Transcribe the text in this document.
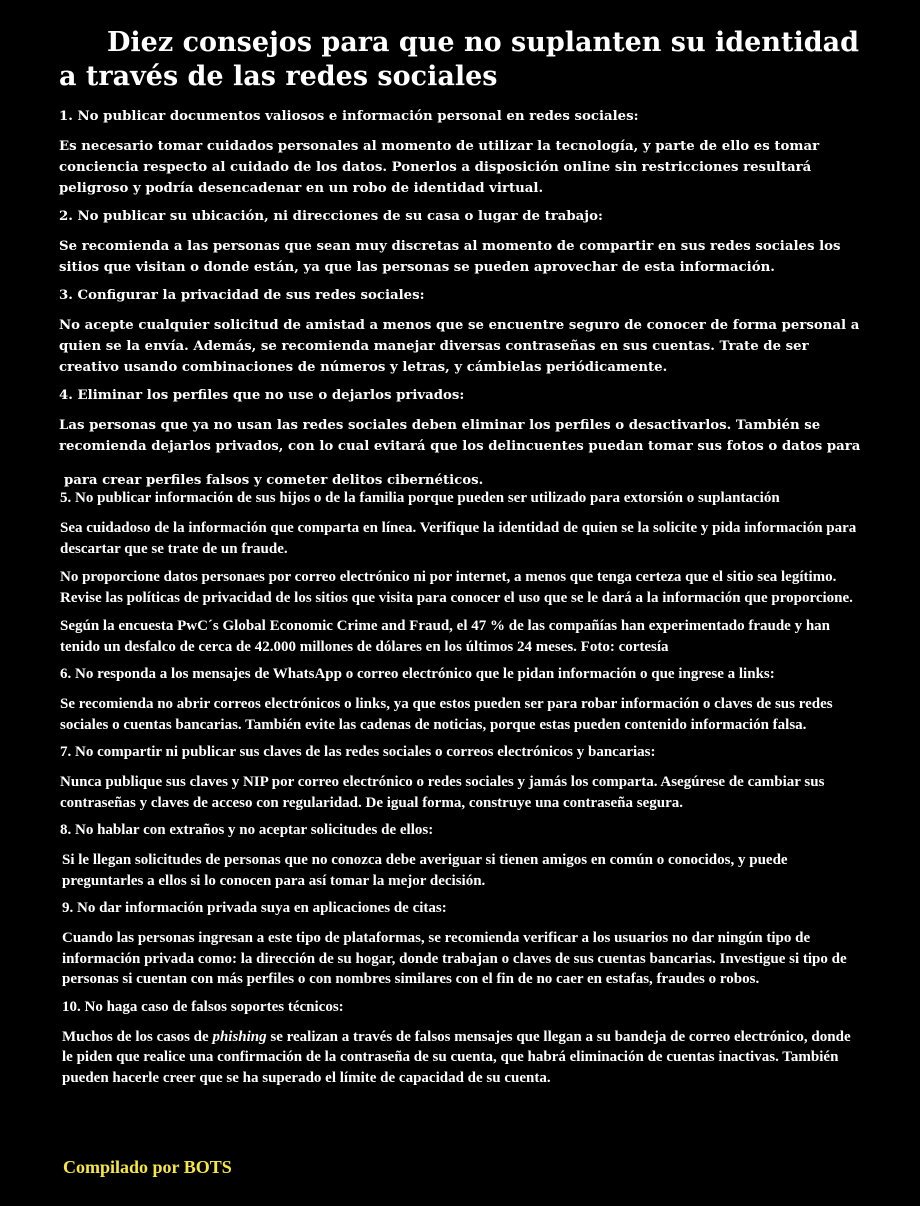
Diez consejos para que no suplanten su identidad a través de las redes sociales
1. No publicar documentos valiosos e información personal en redes sociales:

Es necesario tomar cuidados personales al momento de utilizar la tecnología, y parte de ello es tomar conciencia respecto al cuidado de los datos. Ponerlos a disposición online sin restricciones resultará peligroso y podría desencadenar en un robo de identidad virtual.

2. No publicar su ubicación, ni direcciones de su casa o lugar de trabajo:

Se recomienda a las personas que sean muy discretas al momento de compartir en sus redes sociales los sitios que visitan o donde están, ya que las personas se pueden aprovechar de esta información.

3. Configurar la privacidad de sus redes sociales:

No acepte cualquier solicitud de amistad a menos que se encuentre seguro de conocer de forma personal a quien se la envía. Además, se recomienda manejar diversas contraseñas en sus cuentas. Trate de ser creativo usando combinaciones de números y letras, y cámbielas periódicamente.

4. Eliminar los perfiles que no use o dejarlos privados:

Las personas que ya no usan las redes sociales deben eliminar los perfiles o desactivarlos. También se recomienda dejarlos privados, con lo cual evitará que los delincuentes puedan tomar sus fotos o datos para

para crear perfiles falsos y cometer delitos cibernéticos.

5. No publicar información de sus hijos o de la familia porque pueden ser utilizado para extorsión o suplantación

Sea cuidadoso de la información que comparta en línea. Verifique la identidad de quien se la solicite y pida información para descartar que se trate de un fraude.

No proporcione datos personaes por correo electrónico ni por internet, a menos que tenga certeza que el sitio sea legítimo. Revise las políticas de privacidad de los sitios que visita para conocer el uso que se le dará a la información que proporcione.

Según la encuesta PwC´s Global Economic Crime and Fraud, el 47 % de las compañías han experimentado fraude y han tenido un desfalco de cerca de 42.000 millones de dólares en los últimos 24 meses. Foto: cortesía

6. No responda a los mensajes de WhatsApp o correo electrónico que le pidan información o que ingrese a links:

Se recomienda no abrir correos electrónicos o links, ya que estos pueden ser para robar información o claves de sus redes sociales o cuentas bancarias. También evite las cadenas de noticias, porque estas pueden contenido información falsa.

7. No compartir ni publicar sus claves de las redes sociales o correos electrónicos y bancarias:

Nunca publique sus claves y NIP por correo electrónico o redes sociales y jamás los comparta. Asegúrese de cambiar sus contraseñas y claves de acceso con regularidad. De igual forma, construye una contraseña segura.

8. No hablar con extraños y no aceptar solicitudes de ellos:

Si le llegan solicitudes de personas que no conozca debe averiguar si tienen amigos en común o conocidos, y puede preguntarles a ellos si lo conocen para así tomar la mejor decisión.

9. No dar información privada suya en aplicaciones de citas:

Cuando las personas ingresan a este tipo de plataformas, se recomienda verificar a los usuarios no dar ningún tipo de información privada como: la dirección de su hogar, donde trabajan o claves de sus cuentas bancarias. Investigue si tipo de personas si cuentan con más perfiles o con nombres similares con el fin de no caer en estafas, fraudes o robos.

10. No haga caso de falsos soportes técnicos:

Muchos de los casos de phishing se realizan a través de falsos mensajes que llegan a su bandeja de correo electrónico, donde le piden que realice una confirmación de la contraseña de su cuenta, que habrá eliminación de cuentas inactivas. También pueden hacerle creer que se ha superado el límite de capacidad de su cuenta.

Compilado por BOTS
